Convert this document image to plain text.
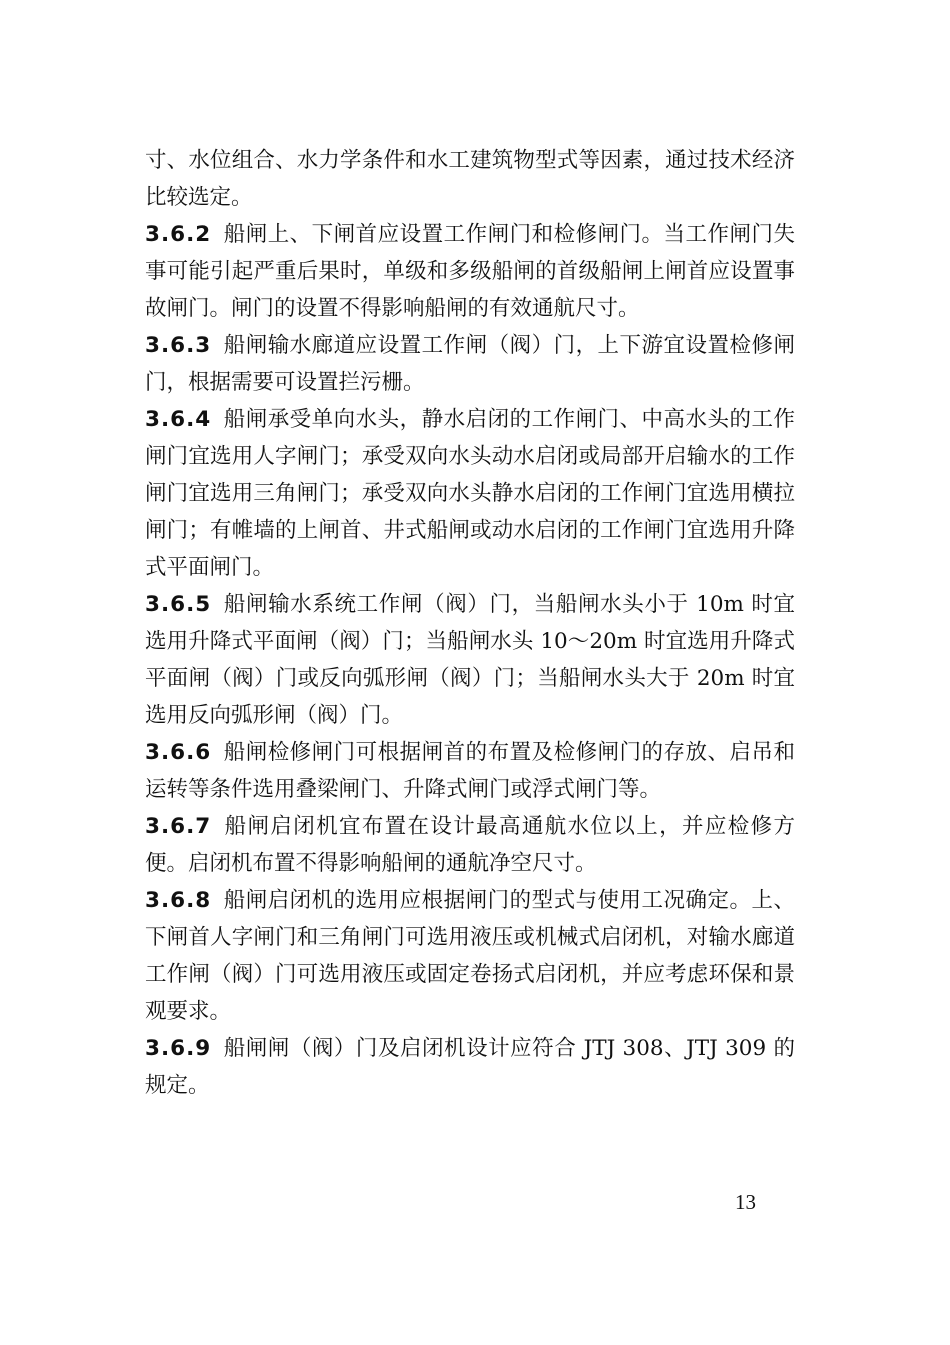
寸、水位组合、水力学条件和水工建筑物型式等因素，通过技术经济比较选定。

3.6.2 船闸上、下闸首应设置工作闸门和检修闸门。当工作闸门失事可能引起严重后果时，单级和多级船闸的首级船闸上闸首应设置事故闸门。闸门的设置不得影响船闸的有效通航尺寸。

3.6.3 船闸输水廊道应设置工作闸（阀）门，上下游宜设置检修闸门，根据需要可设置拦污栅。

3.6.4 船闸承受单向水头，静水启闭的工作闸门、中高水头的工作闸门宜选用人字闸门；承受双向水头动水启闭或局部开启输水的工作闸门宜选用三角闸门；承受双向水头静水启闭的工作闸门宜选用横拉闸门；有帷墙的上闸首、井式船闸或动水启闭的工作闸门宜选用升降式平面闸门。

3.6.5 船闸输水系统工作闸（阀）门，当船闸水头小于 10m 时宜选用升降式平面闸（阀）门；当船闸水头 10～20m 时宜选用升降式平面闸（阀）门或反向弧形闸（阀）门；当船闸水头大于 20m 时宜选用反向弧形闸（阀）门。

3.6.6 船闸检修闸门可根据闸首的布置及检修闸门的存放、启吊和运转等条件选用叠梁闸门、升降式闸门或浮式闸门等。

3.6.7 船闸启闭机宜布置在设计最高通航水位以上，并应检修方便。启闭机布置不得影响船闸的通航净空尺寸。

3.6.8 船闸启闭机的选用应根据闸门的型式与使用工况确定。上、下闸首人字闸门和三角闸门可选用液压或机械式启闭机，对输水廊道工作闸（阀）门可选用液压或固定卷扬式启闭机，并应考虑环保和景观要求。

3.6.9 船闸闸（阀）门及启闭机设计应符合 JTJ 308、JTJ 309 的规定。

13
